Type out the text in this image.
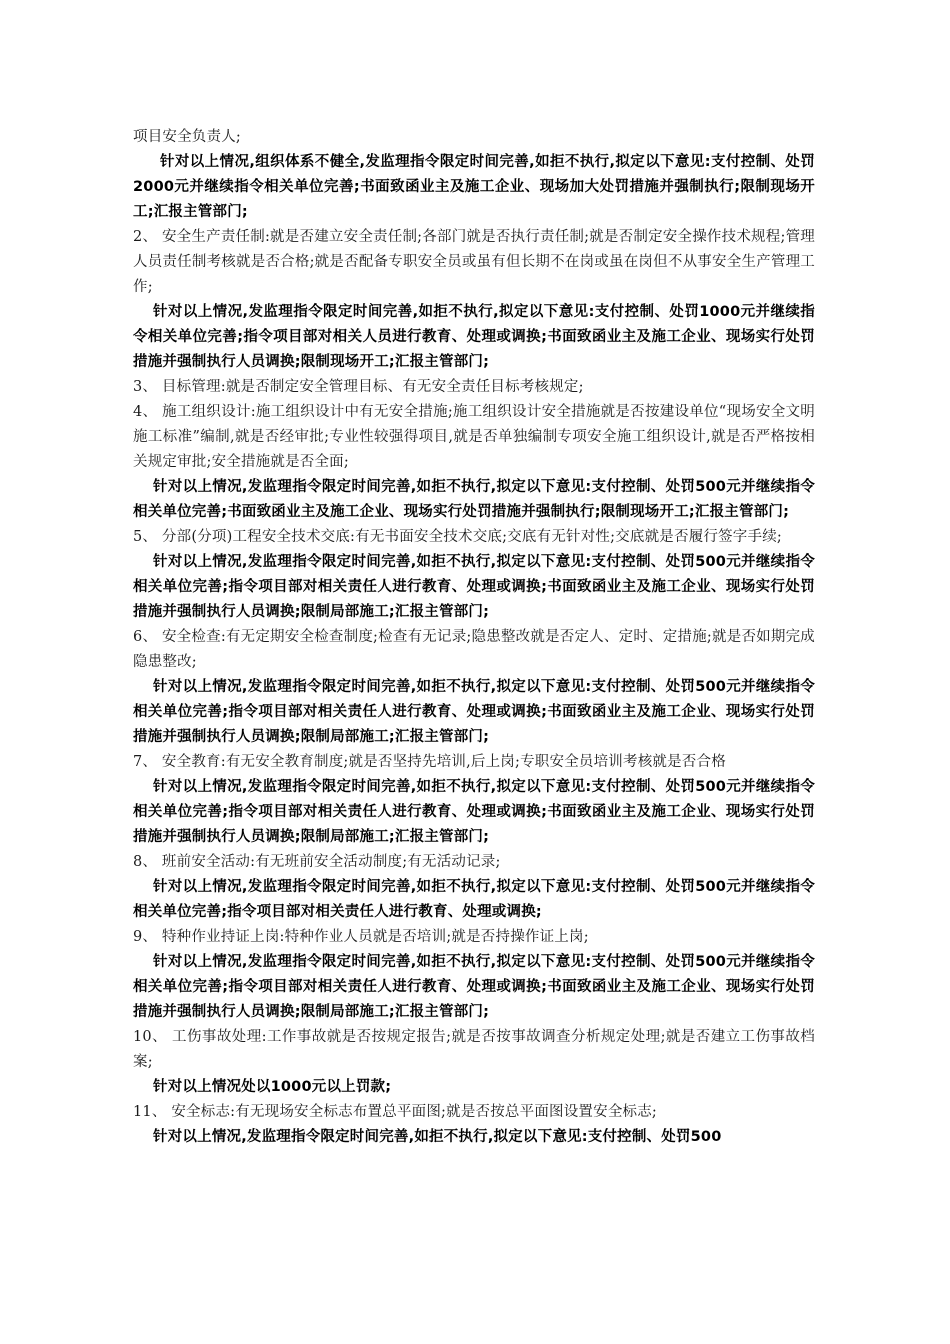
项目安全负责人;

针对以上情况,组织体系不健全,发监理指令限定时间完善,如拒不执行,拟定以下意见:支付控制、处罚2000元并继续指令相关单位完善;书面致函业主及施工企业、现场加大处罚措施并强制执行;限制现场开工;汇报主管部门;

2、 安全生产责任制:就是否建立安全责任制;各部门就是否执行责任制;就是否制定安全操作技术规程;管理人员责任制考核就是否合格;就是否配备专职安全员或虽有但长期不在岗或虽在岗但不从事安全生产管理工作;

针对以上情况,发监理指令限定时间完善,如拒不执行,拟定以下意见:支付控制、处罚1000元并继续指令相关单位完善;指令项目部对相关人员进行教育、处理或调换;书面致函业主及施工企业、现场实行处罚措施并强制执行人员调换;限制现场开工;汇报主管部门;

3、 目标管理:就是否制定安全管理目标、有无安全责任目标考核规定;

4、 施工组织设计:施工组织设计中有无安全措施;施工组织设计安全措施就是否按建设单位“现场安全文明施工标准”编制,就是否经审批;专业性较强得项目,就是否单独编制专项安全施工组织设计,就是否严格按相关规定审批;安全措施就是否全面;

针对以上情况,发监理指令限定时间完善,如拒不执行,拟定以下意见:支付控制、处罚500元并继续指令相关单位完善;书面致函业主及施工企业、现场实行处罚措施并强制执行;限制现场开工;汇报主管部门;

5、 分部(分项)工程安全技术交底:有无书面安全技术交底;交底有无针对性;交底就是否履行签字手续;

针对以上情况,发监理指令限定时间完善,如拒不执行,拟定以下意见:支付控制、处罚500元并继续指令相关单位完善;指令项目部对相关责任人进行教育、处理或调换;书面致函业主及施工企业、现场实行处罚措施并强制执行人员调换;限制局部施工;汇报主管部门;

6、 安全检查:有无定期安全检查制度;检查有无记录;隐患整改就是否定人、定时、定措施;就是否如期完成隐患整改;

针对以上情况,发监理指令限定时间完善,如拒不执行,拟定以下意见:支付控制、处罚500元并继续指令相关单位完善;指令项目部对相关责任人进行教育、处理或调换;书面致函业主及施工企业、现场实行处罚措施并强制执行人员调换;限制局部施工;汇报主管部门;

7、 安全教育:有无安全教育制度;就是否坚持先培训,后上岗;专职安全员培训考核就是否合格

针对以上情况,发监理指令限定时间完善,如拒不执行,拟定以下意见:支付控制、处罚500元并继续指令相关单位完善;指令项目部对相关责任人进行教育、处理或调换;书面致函业主及施工企业、现场实行处罚措施并强制执行人员调换;限制局部施工;汇报主管部门;

8、 班前安全活动:有无班前安全活动制度;有无活动记录;

针对以上情况,发监理指令限定时间完善,如拒不执行,拟定以下意见:支付控制、处罚500元并继续指令相关单位完善;指令项目部对相关责任人进行教育、处理或调换;

9、 特种作业持证上岗:特种作业人员就是否培训;就是否持操作证上岗;

针对以上情况,发监理指令限定时间完善,如拒不执行,拟定以下意见:支付控制、处罚500元并继续指令相关单位完善;指令项目部对相关责任人进行教育、处理或调换;书面致函业主及施工企业、现场实行处罚措施并强制执行人员调换;限制局部施工;汇报主管部门;

10、 工伤事故处理:工作事故就是否按规定报告;就是否按事故调查分析规定处理;就是否建立工伤事故档案;

针对以上情况处以1000元以上罚款;

11、 安全标志:有无现场安全标志布置总平面图;就是否按总平面图设置安全标志;

针对以上情况,发监理指令限定时间完善,如拒不执行,拟定以下意见:支付控制、处罚500
